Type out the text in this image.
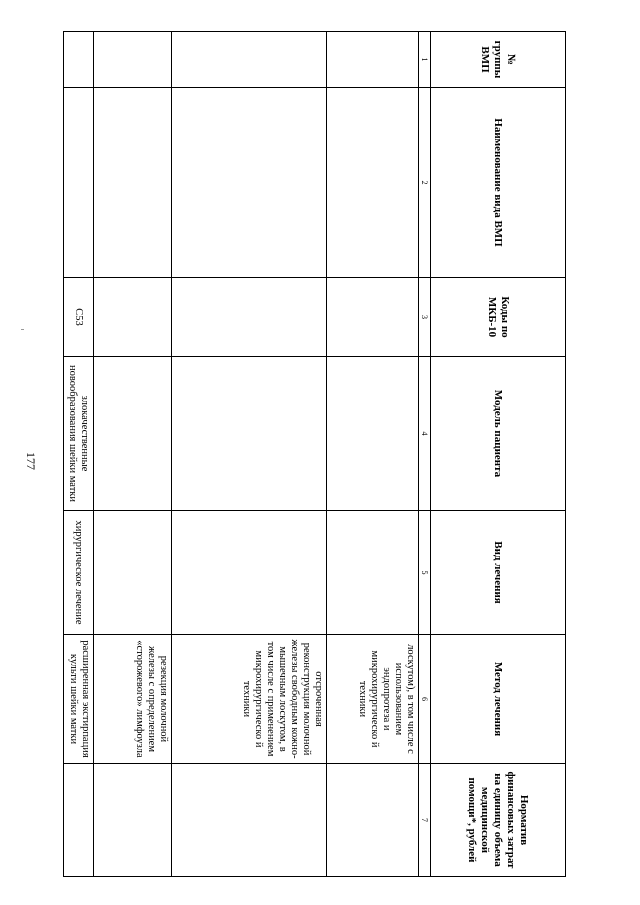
177
№ группы ВМП	Наименование вида ВМП	Коды по МКБ-10	Модель пациента	Вид лечения	Метод лечения	Норматив финансовых затрат на единицу объема медицинской помощи*, рублей
1	2	3	4	5	6	7
					лоскутом), в том числе с использованием эндопротеза и микрохирургическо й техники	
					отсроченная реконструкция молочной железы свободным кожно-мышечным лоскутом, в том числе с применением микрохирургическо й техники	
					резекция молочной железы с определением «сторожевого» лимфоузла	
		C53	злокачественные новообразования шейки матки	хирургическое лечение	расширенная экстирпация культи шейки матки	
